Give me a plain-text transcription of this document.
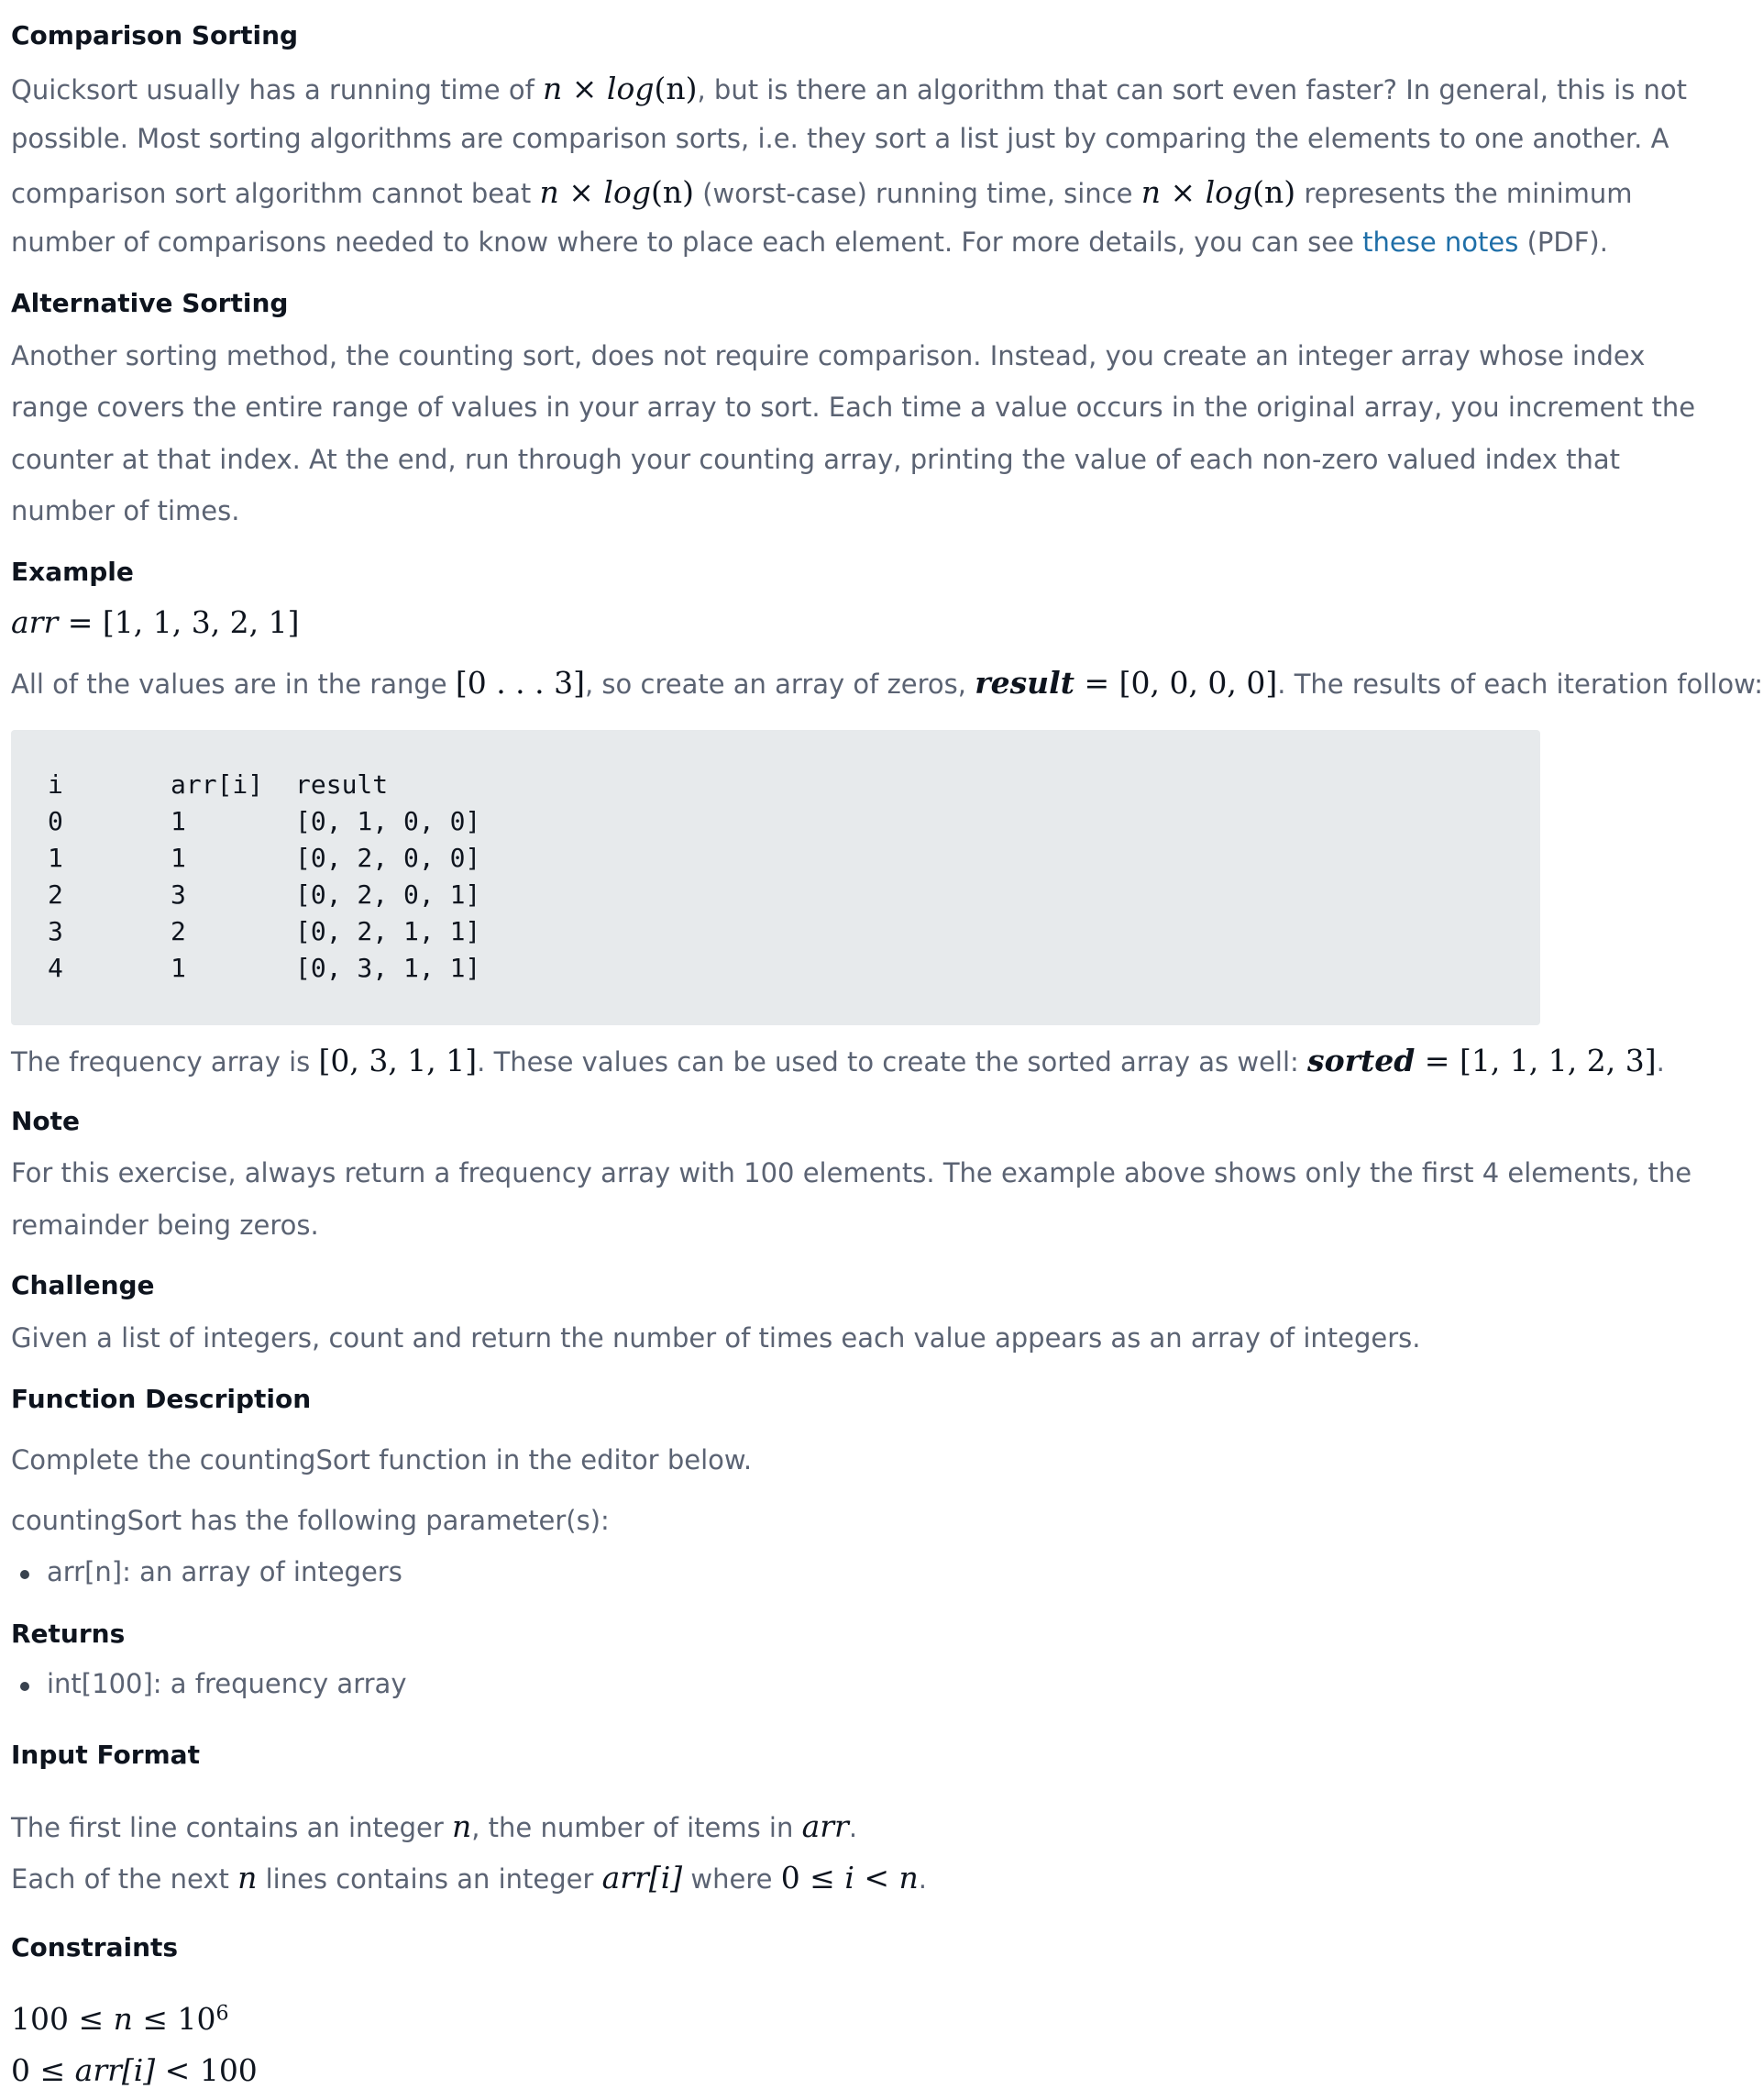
Comparison Sorting
Quicksort usually has a running time of n × log(n), but is there an algorithm that can sort even faster? In general, this is not
possible. Most sorting algorithms are comparison sorts, i.e. they sort a list just by comparing the elements to one another. A
comparison sort algorithm cannot beat n × log(n) (worst-case) running time, since n × log(n) represents the minimum
number of comparisons needed to know where to place each element. For more details, you can see these notes (PDF).
Alternative Sorting
Another sorting method, the counting sort, does not require comparison. Instead, you create an integer array whose index
range covers the entire range of values in your array to sort. Each time a value occurs in the original array, you increment the
counter at that index. At the end, run through your counting array, printing the value of each non-zero valued index that
number of times.
Example
arr = [1, 1, 3, 2, 1]
All of the values are in the range [0 . . . 3], so create an array of zeros, result = [0, 0, 0, 0]. The results of each iteration follow:
i	arr[i] result
0	1	[0, 1, 0, 0]
1	1	[0, 2, 0, 0]
2	3	[0, 2, 0, 1]
3	2	[0, 2, 1, 1]
4	1	[0, 3, 1, 1]
The frequency array is [0, 3, 1, 1]. These values can be used to create the sorted array as well: sorted = [1, 1, 1, 2, 3].
Note
For this exercise, always return a frequency array with 100 elements. The example above shows only the first 4 elements, the
remainder being zeros.
Challenge
Given a list of integers, count and return the number of times each value appears as an array of integers.
Function Description
Complete the countingSort function in the editor below.
countingSort has the following parameter(s):
arr[n]: an array of integers
Returns
int[100]: a frequency array
Input Format
The first line contains an integer n, the number of items in arr.
Each of the next n lines contains an integer arr[i] where 0 ≤ i < n.
Constraints
$100 \le n \le 10^6$
0 ≤ arr[i] < 100
